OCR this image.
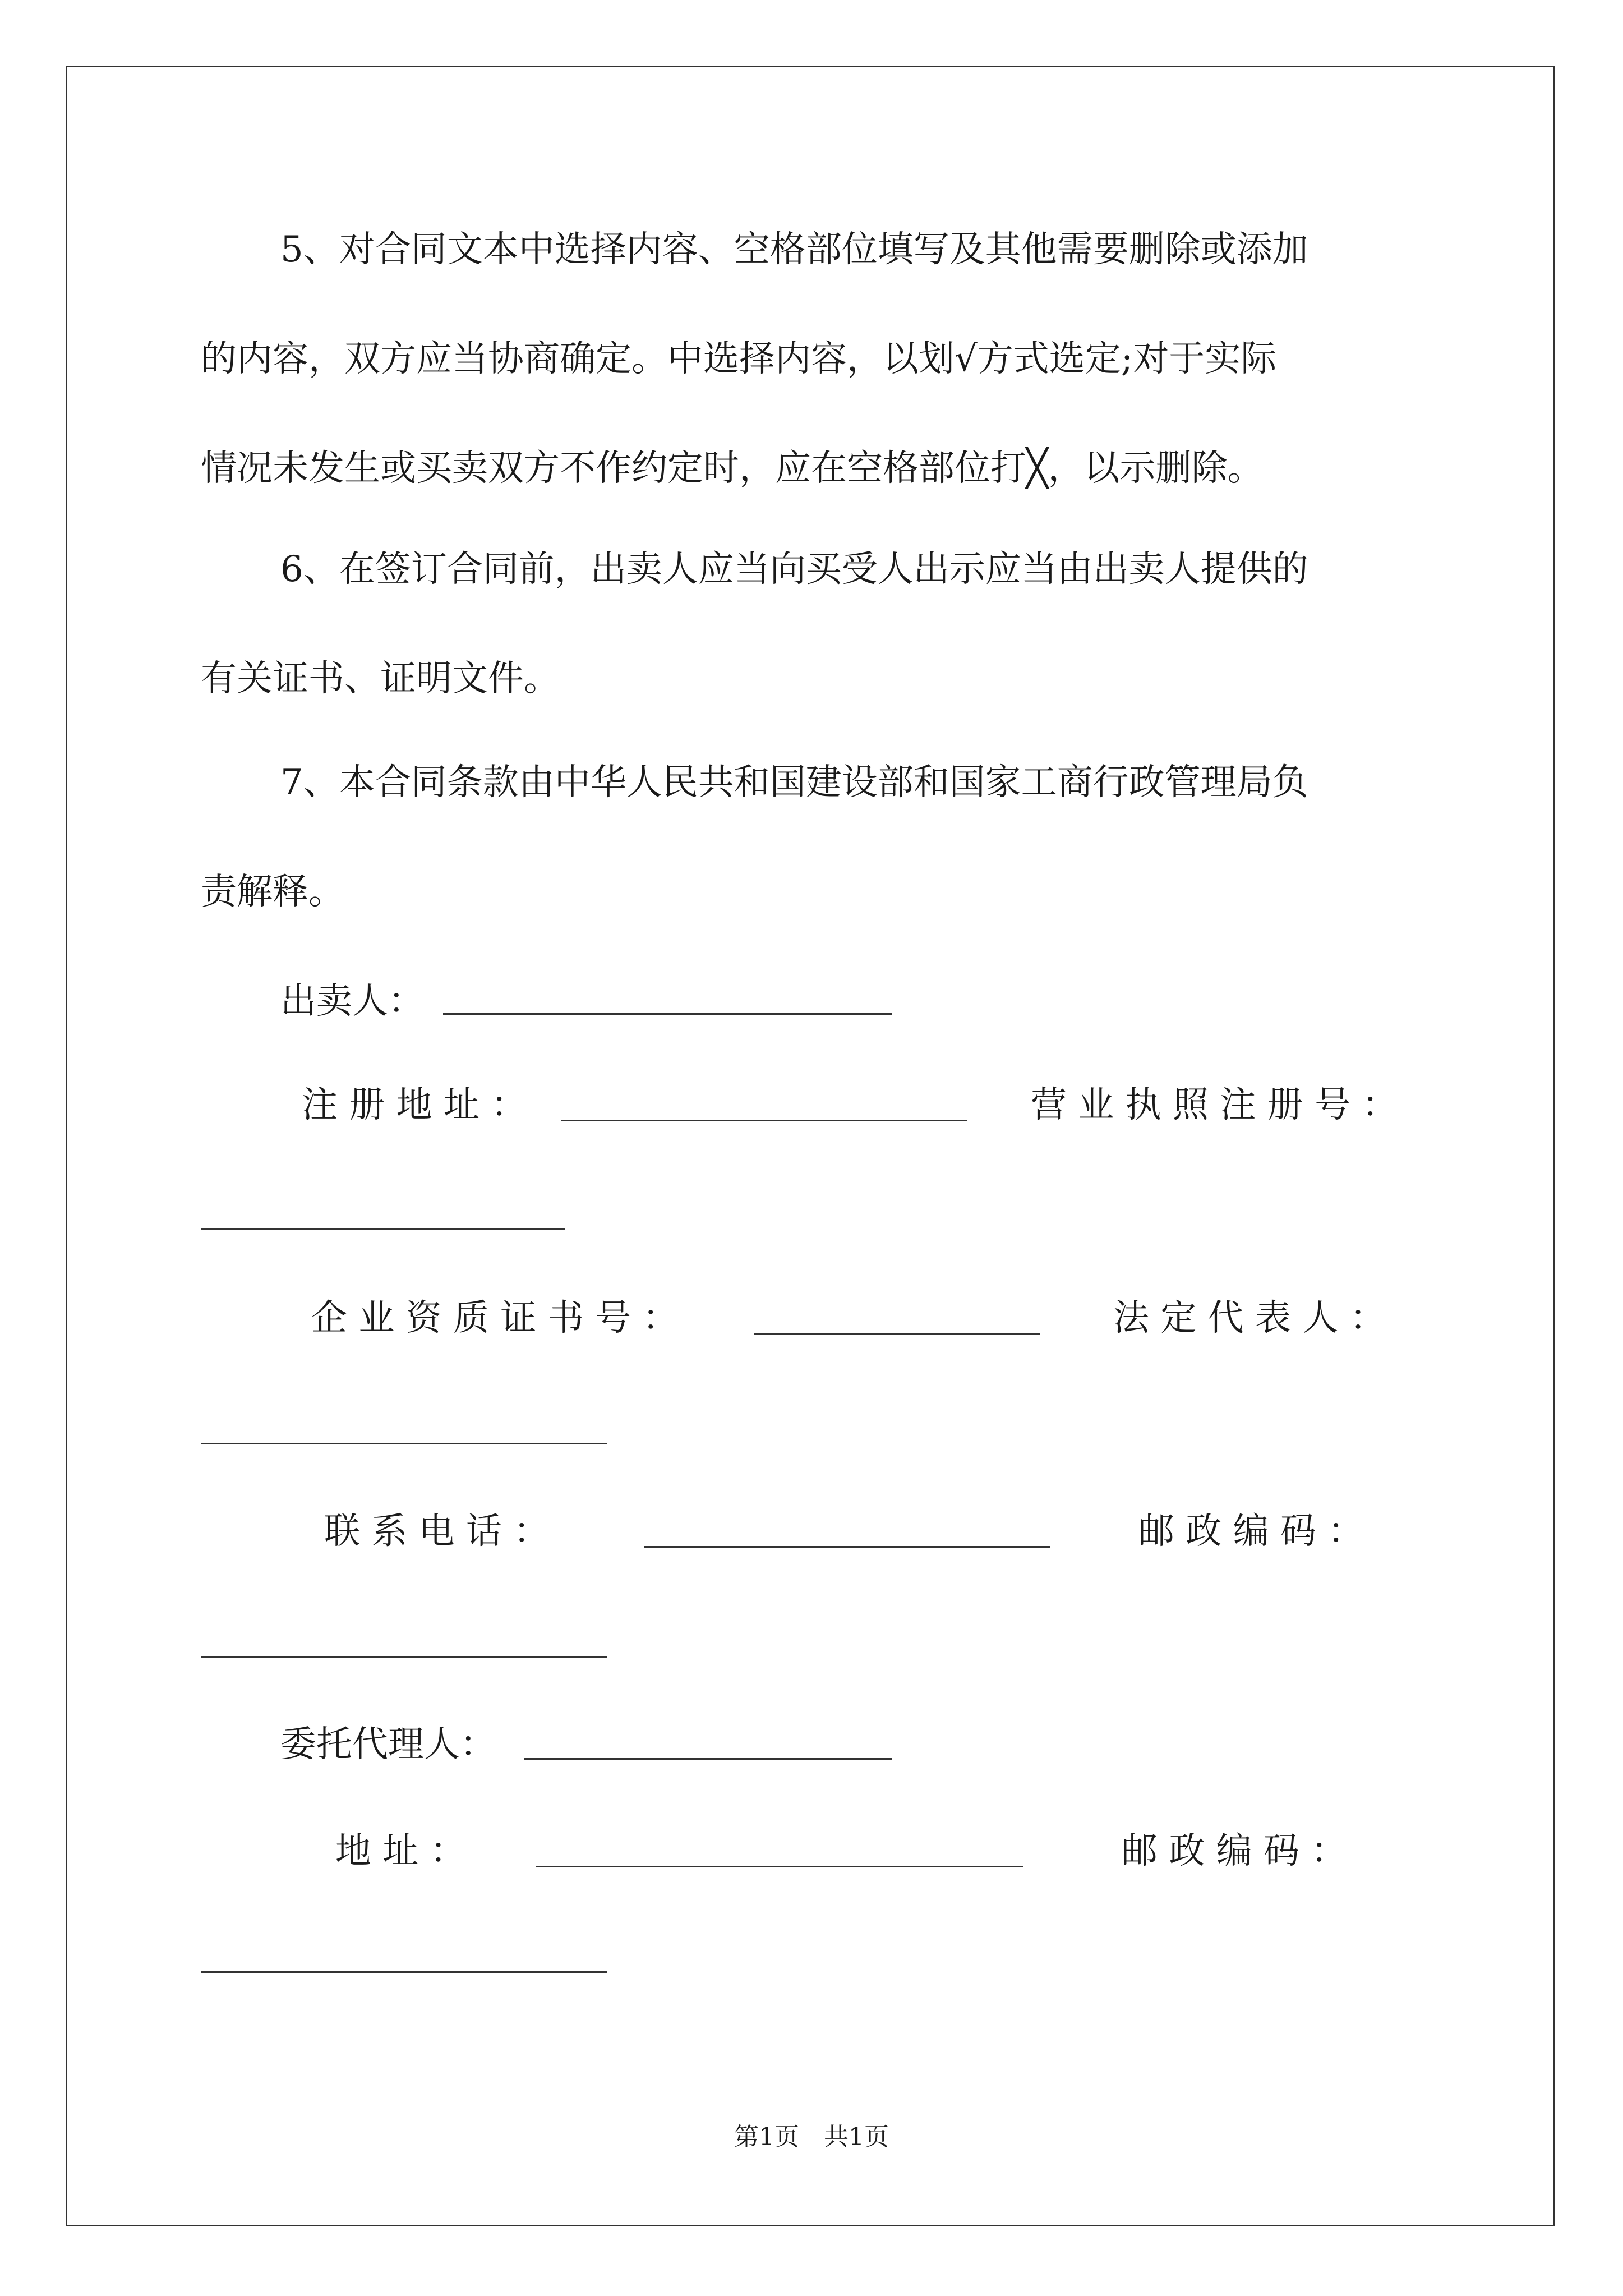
5、对合同文本中选择内容、空格部位填写及其他需要删除或添加
的内容，双方应当协商确定。中选择内容，以划√方式选定;对于实际
情况未发生或买卖双方不作约定时，应在空格部位打╳，以示删除。
6、在签订合同前，出卖人应当向买受人出示应当由出卖人提供的
有关证书、证明文件。
7、本合同条款由中华人民共和国建设部和国家工商行政管理局负
责解释。
出卖人：
注 册 地 址 ：	营 业 执 照 注 册 号 ：
企 业 资 质 证 书 号 ：	法 定 代 表 人 ：
联 系 电 话 ：	邮 政 编 码 ：
委托代理人：
地 址 ：	邮 政 编 码 ：
第1页　共1页
